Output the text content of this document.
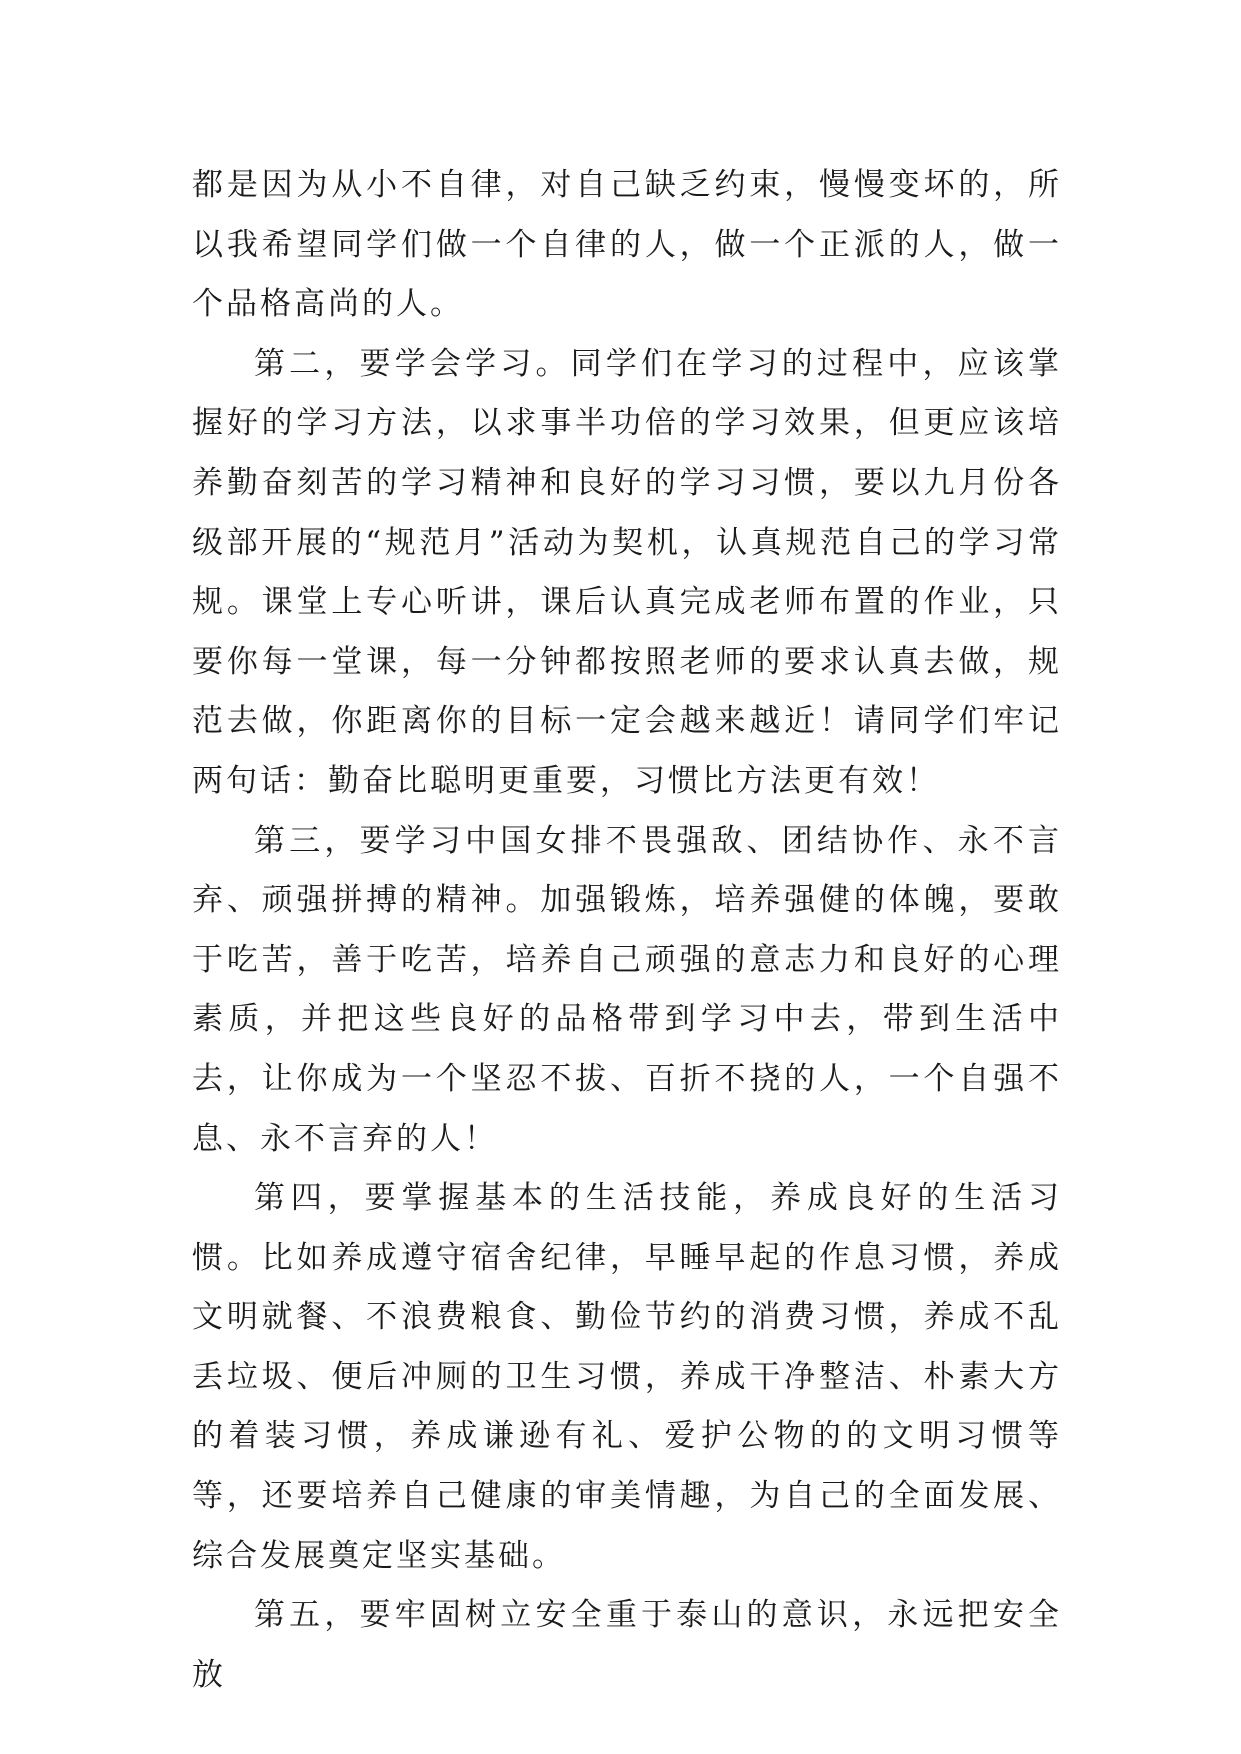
都是因为从小不自律，对自己缺乏约束，慢慢变坏的，所以我希望同学们做一个自律的人，做一个正派的人，做一个品格高尚的人。

第二，要学会学习。同学们在学习的过程中，应该掌握好的学习方法，以求事半功倍的学习效果，但更应该培养勤奋刻苦的学习精神和良好的学习习惯，要以九月份各级部开展的“规范月”活动为契机，认真规范自己的学习常规。课堂上专心听讲，课后认真完成老师布置的作业，只要你每一堂课，每一分钟都按照老师的要求认真去做，规范去做，你距离你的目标一定会越来越近！请同学们牢记两句话：勤奋比聪明更重要，习惯比方法更有效！

第三，要学习中国女排不畏强敌、团结协作、永不言弃、顽强拼搏的精神。加强锻炼，培养强健的体魄，要敢于吃苦，善于吃苦，培养自己顽强的意志力和良好的心理素质，并把这些良好的品格带到学习中去，带到生活中去，让你成为一个坚忍不拔、百折不挠的人，一个自强不息、永不言弃的人！

第四，要掌握基本的生活技能，养成良好的生活习惯。比如养成遵守宿舍纪律，早睡早起的作息习惯，养成文明就餐、不浪费粮食、勤俭节约的消费习惯，养成不乱丢垃圾、便后冲厕的卫生习惯，养成干净整洁、朴素大方的着装习惯，养成谦逊有礼、爱护公物的的文明习惯等等，还要培养自己健康的审美情趣，为自己的全面发展、综合发展奠定坚实基础。

第五，要牢固树立安全重于泰山的意识，永远把安全放
